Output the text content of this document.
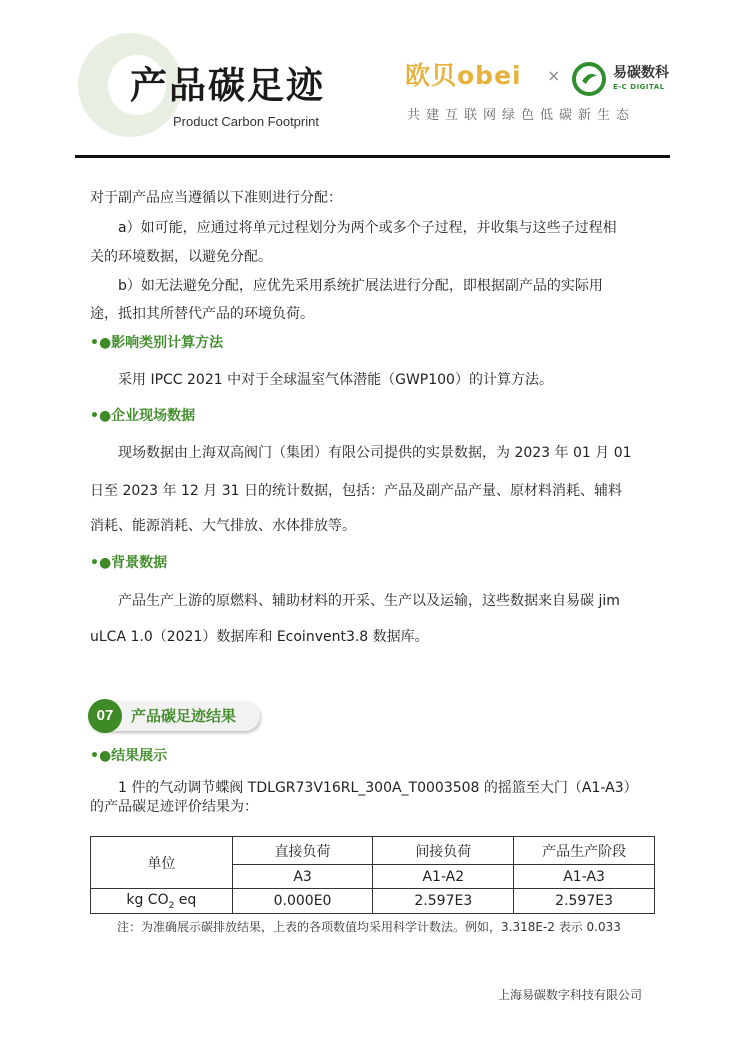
产品碳足迹
Product Carbon Footprint
欧贝obei ×	易碳数科
E-C DIGITAL
共建互联网绿色低碳新生态
对于副产品应当遵循以下准则进行分配：
a）如可能，应通过将单元过程划分为两个或多个子过程，并收集与这些子过程相
关的环境数据，以避免分配。
b）如无法避免分配，应优先采用系统扩展法进行分配，即根据副产品的实际用
途，抵扣其所替代产品的环境负荷。
•●影响类别计算方法
采用 IPCC 2021 中对于全球温室气体潜能（GWP100）的计算方法。
•●企业现场数据
现场数据由上海双高阀门（集团）有限公司提供的实景数据，为 2023 年 01 月 01
日至 2023 年 12 月 31 日的统计数据，包括：产品及副产品产量、原材料消耗、辅料
消耗、能源消耗、大气排放、水体排放等。
•●背景数据
产品生产上游的原燃料、辅助材料的开采、生产以及运输，这些数据来自易碳 jim
uLCA 1.0（2021）数据库和 Ecoinvent3.8 数据库。
07	产品碳足迹结果
•●结果展示
1 件的气动调节蝶阀 TDLGR73V16RL_300A_T0003508 的摇篮至大门（A1-A3）
的产品碳足迹评价结果为：
单位	直接负荷	间接负荷	产品生产阶段
	A3	A1-A2	A1-A3
kg $CO_2$ eq	0.000E0	2.597E3	2.597E3
注：为准确展示碳排放结果，上表的各项数值均采用科学计数法。例如，3.318E-2 表示 0.033
上海易碳数字科技有限公司
